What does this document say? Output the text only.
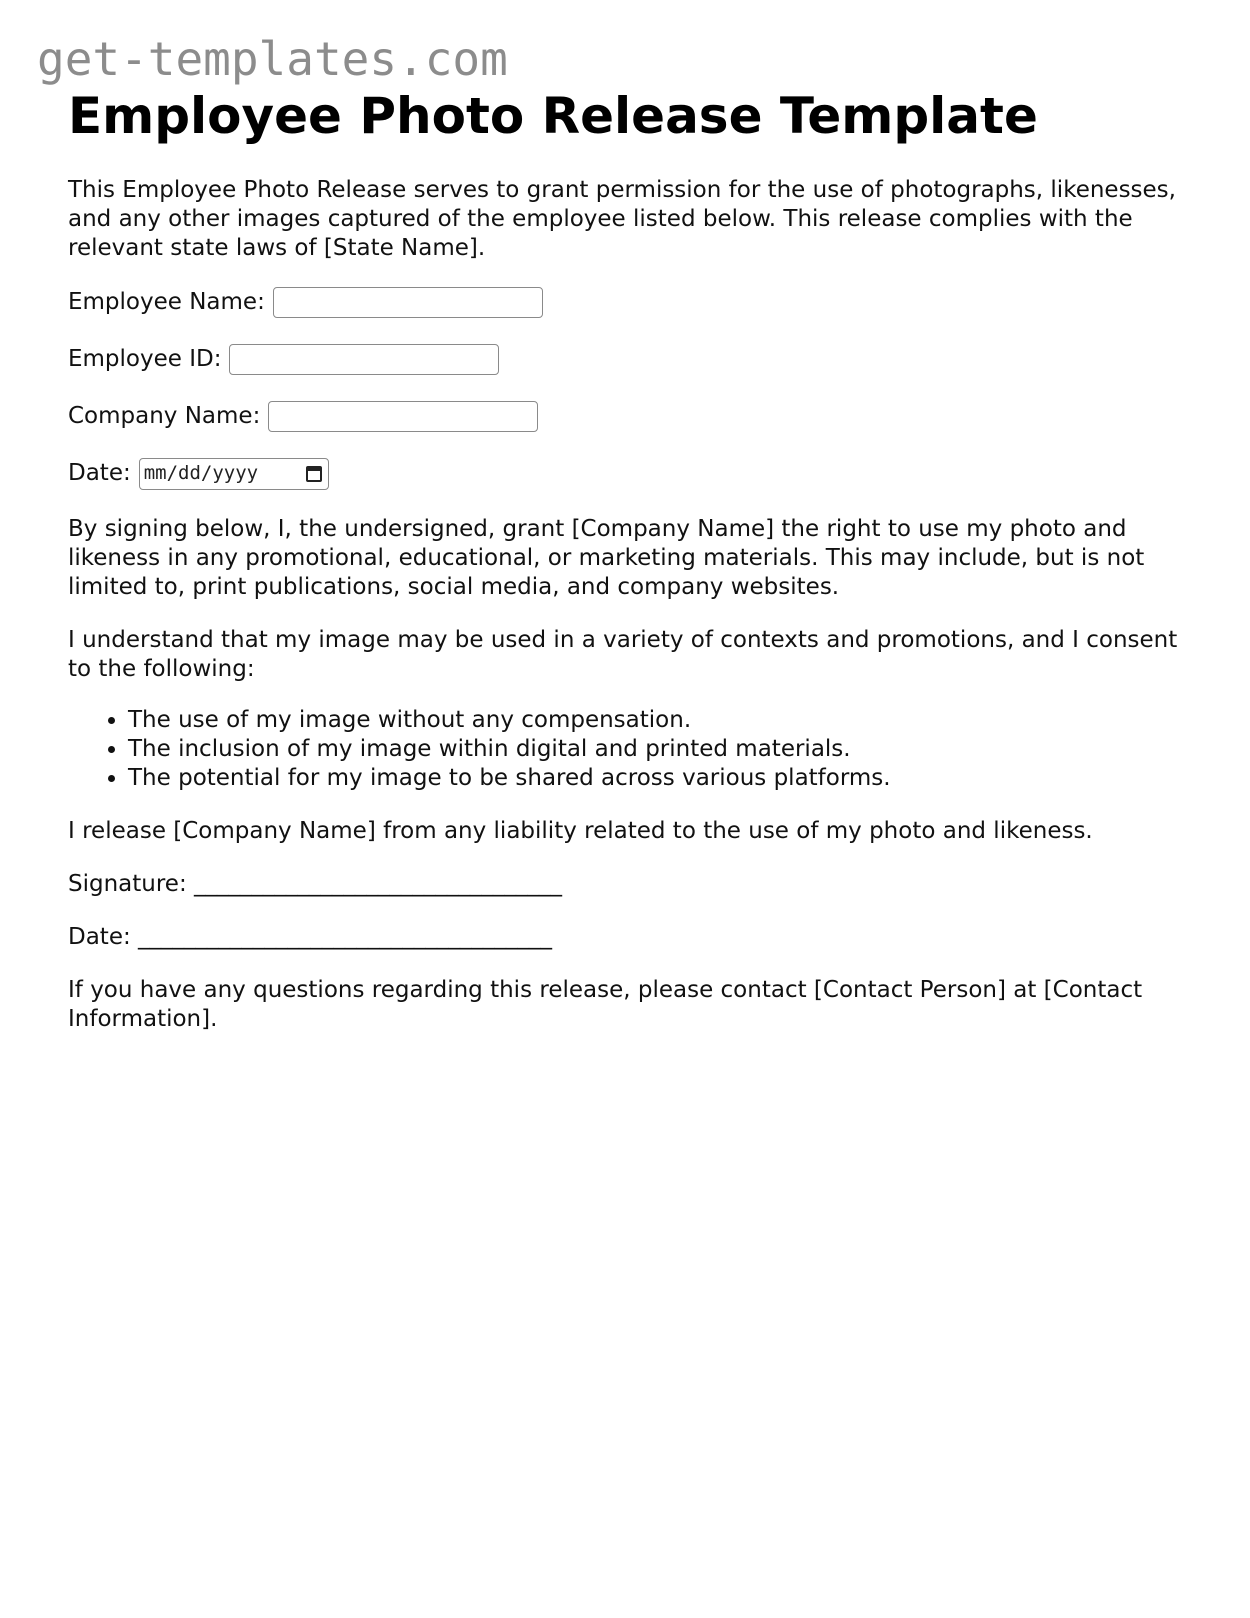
get-templates.com
Employee Photo Release Template

This Employee Photo Release serves to grant permission for the use of photographs, likenesses, and any other images captured of the employee listed below. This release complies with the relevant state laws of [State Name].

Employee Name:
Employee ID:
Company Name:
Date: mm/dd/yyyy

By signing below, I, the undersigned, grant [Company Name] the right to use my photo and likeness in any promotional, educational, or marketing materials. This may include, but is not limited to, print publications, social media, and company websites.

I understand that my image may be used in a variety of contexts and promotions, and I consent to the following:

• The use of my image without any compensation.
• The inclusion of my image within digital and printed materials.
• The potential for my image to be shared across various platforms.

I release [Company Name] from any liability related to the use of my photo and likeness.

Signature: ________________________________
Date: ____________________________________

If you have any questions regarding this release, please contact [Contact Person] at [Contact Information].
